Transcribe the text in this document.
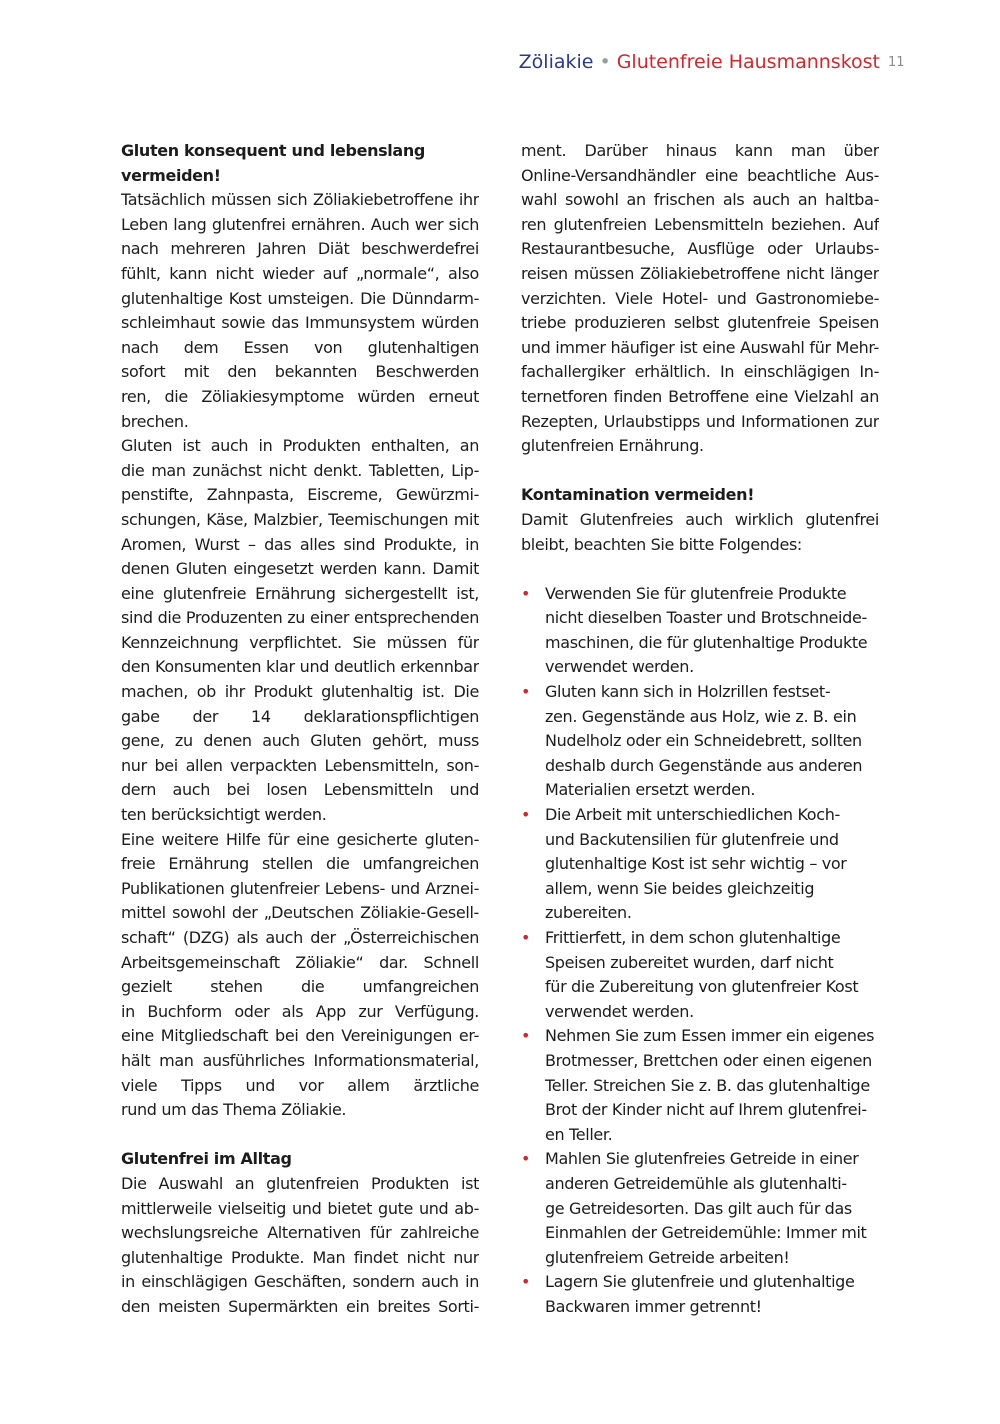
Zöliakie • Glutenfreie Hausmannskost 11
Gluten konsequent und lebenslang
vermeiden!
Tatsächlich müssen sich Zöliakiebetroffene ihr
Leben lang glutenfrei ernähren. Auch wer sich
nach mehreren Jahren Diät beschwerdefrei
fühlt, kann nicht wieder auf „normale“, also
glutenhaltige Kost umsteigen. Die Dünndarm-
schleimhaut sowie das Immunsystem würden
nach dem Essen von glutenhaltigen
sofort mit den bekannten Beschwerden
ren, die Zöliakiesymptome würden erneut
brechen.
Gluten ist auch in Produkten enthalten, an
die man zunächst nicht denkt. Tabletten, Lip-
penstifte, Zahnpasta, Eiscreme, Gewürzmi-
schungen, Käse, Malzbier, Teemischungen mit
Aromen, Wurst – das alles sind Produkte, in
denen Gluten eingesetzt werden kann. Damit
eine glutenfreie Ernährung sichergestellt ist,
sind die Produzenten zu einer entsprechenden
Kennzeichnung verpflichtet. Sie müssen für
den Konsumenten klar und deutlich erkennbar
machen, ob ihr Produkt glutenhaltig ist. Die
gabe der 14 deklarationspflichtigen
gene, zu denen auch Gluten gehört, muss
nur bei allen verpackten Lebensmitteln, son-
dern auch bei losen Lebensmitteln und
ten berücksichtigt werden.
Eine weitere Hilfe für eine gesicherte gluten-
freie Ernährung stellen die umfangreichen
Publikationen glutenfreier Lebens- und Arznei-
mittel sowohl der „Deutschen Zöliakie-Gesell-
schaft“ (DZG) als auch der „Österreichischen
Arbeitsgemeinschaft Zöliakie“ dar. Schnell
gezielt stehen die umfangreichen
in Buchform oder als App zur Verfügung.
eine Mitgliedschaft bei den Vereinigungen er-
hält man ausführliches Informationsmaterial,
viele Tipps und vor allem ärztliche
rund um das Thema Zöliakie.
Glutenfrei im Alltag
Die Auswahl an glutenfreien Produkten ist
mittlerweile vielseitig und bietet gute und ab-
wechslungsreiche Alternativen für zahlreiche
glutenhaltige Produkte. Man findet nicht nur
in einschlägigen Geschäften, sondern auch in
den meisten Supermärkten ein breites Sorti-
ment. Darüber hinaus kann man über
Online-Versandhändler eine beachtliche Aus-
wahl sowohl an frischen als auch an haltba-
ren glutenfreien Lebensmitteln beziehen. Auf
Restaurantbesuche, Ausflüge oder Urlaubs-
reisen müssen Zöliakiebetroffene nicht länger
verzichten. Viele Hotel- und Gastronomiebe-
triebe produzieren selbst glutenfreie Speisen
und immer häufiger ist eine Auswahl für Mehr-
fachallergiker erhältlich. In einschlägigen In-
ternetforen finden Betroffene eine Vielzahl an
Rezepten, Urlaubstipps und Informationen zur
glutenfreien Ernährung.
Kontamination vermeiden!
Damit Glutenfreies auch wirklich glutenfrei
bleibt, beachten Sie bitte Folgendes:
• Verwenden Sie für glutenfreie Produkte
nicht dieselben Toaster und Brotschneide-
maschinen, die für glutenhaltige Produkte
verwendet werden.
• Gluten kann sich in Holzrillen festset-
zen. Gegenstände aus Holz, wie z. B. ein
Nudelholz oder ein Schneidebrett, sollten
deshalb durch Gegenstände aus anderen
Materialien ersetzt werden.
• Die Arbeit mit unterschiedlichen Koch-
und Backutensilien für glutenfreie und
glutenhaltige Kost ist sehr wichtig – vor
allem, wenn Sie beides gleichzeitig
zubereiten.
• Frittierfett, in dem schon glutenhaltige
Speisen zubereitet wurden, darf nicht
für die Zubereitung von glutenfreier Kost
verwendet werden.
• Nehmen Sie zum Essen immer ein eigenes
Brotmesser, Brettchen oder einen eigenen
Teller. Streichen Sie z. B. das glutenhaltige
Brot der Kinder nicht auf Ihrem glutenfrei-
en Teller.
• Mahlen Sie glutenfreies Getreide in einer
anderen Getreidemühle als glutenhalti-
ge Getreidesorten. Das gilt auch für das
Einmahlen der Getreidemühle: Immer mit
glutenfreiem Getreide arbeiten!
• Lagern Sie glutenfreie und glutenhaltige
Backwaren immer getrennt!
